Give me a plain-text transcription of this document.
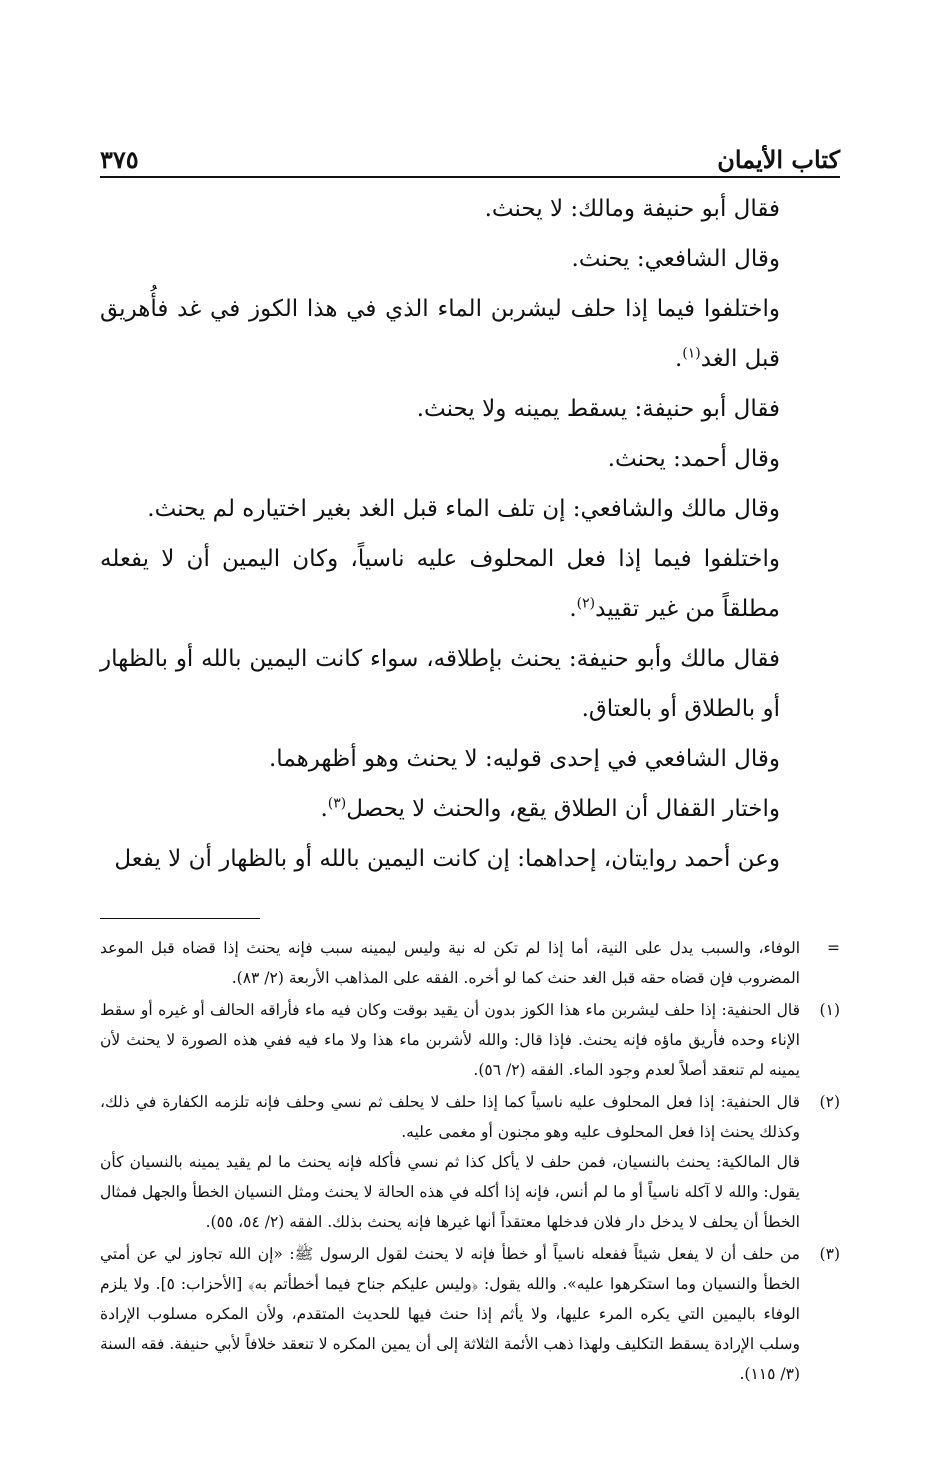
كتاب الأيمان
٣٧٥

فقال أبو حنيفة ومالك: لا يحنث.

وقال الشافعي: يحنث.

واختلفوا فيما إذا حلف ليشربن الماء الذي في هذا الكوز في غد فأُهريق قبل الغد$^{(١)}$.

فقال أبو حنيفة: يسقط يمينه ولا يحنث.

وقال أحمد: يحنث.

وقال مالك والشافعي: إن تلف الماء قبل الغد بغير اختياره لم يحنث.

واختلفوا فيما إذا فعل المحلوف عليه ناسياً، وكان اليمين أن لا يفعله مطلقاً من غير تقييد$^{(٢)}$.

فقال مالك وأبو حنيفة: يحنث بإطلاقه، سواء كانت اليمين بالله أو بالظهار أو بالطلاق أو بالعتاق.

وقال الشافعي في إحدى قوليه: لا يحنث وهو أظهرهما.

واختار القفال أن الطلاق يقع، والحنث لا يحصل$^{(٣)}$.

وعن أحمد روايتان، إحداهما: إن كانت اليمين بالله أو بالظهار أن لا يفعل

=

الوفاء، والسبب يدل على النية، أما إذا لم تكن له نية وليس ليمينه سبب فإنه يحنث إذا قضاه قبل الموعد المضروب فإن قضاه حقه قبل الغد حنث كما لو أخره. الفقه على المذاهب الأربعة (٢/ ٨٣).

(١)

قال الحنفية: إذا حلف ليشربن ماء هذا الكوز بدون أن يقيد بوقت وكان فيه ماء فأراقه الحالف أو غيره أو سقط الإناء وحده فأريق ماؤه فإنه يحنث. فإذا قال: والله لأشربن ماء هذا ولا ماء فيه ففي هذه الصورة لا يحنث لأن يمينه لم تنعقد أصلاً لعدم وجود الماء. الفقه (٢/ ٥٦).

(٢)

قال الحنفية: إذا فعل المحلوف عليه ناسياً كما إذا حلف لا يحلف ثم نسي وحلف فإنه تلزمه الكفارة في ذلك، وكذلك يحنث إذا فعل المحلوف عليه وهو مجنون أو مغمى عليه.

قال المالكية: يحنث بالنسيان، فمن حلف لا يأكل كذا ثم نسي فأكله فإنه يحنث ما لم يقيد يمينه بالنسيان كأن يقول: والله لا آكله ناسياً أو ما لم أنس، فإنه إذا أكله في هذه الحالة لا يحنث ومثل النسيان الخطأ والجهل فمثال الخطأ أن يحلف لا يدخل دار فلان فدخلها معتقداً أنها غيرها فإنه يحنث بذلك. الفقه (٢/ ٥٤، ٥٥).

(٣)

من حلف أن لا يفعل شيئاً ففعله ناسياً أو خطأ فإنه لا يحنث لقول الرسول ﷺ: «إن الله تجاوز لي عن أمتي الخطأ والنسيان وما استكرهوا عليه». والله يقول: ﴿وليس عليكم جناح فيما أخطأتم به﴾ [الأحزاب: ٥]. ولا يلزم الوفاء باليمين التي يكره المرء عليها، ولا يأثم إذا حنث فيها للحديث المتقدم، ولأن المكره مسلوب الإرادة وسلب الإرادة يسقط التكليف ولهذا ذهب الأئمة الثلاثة إلى أن يمين المكره لا تنعقد خلافاً لأبي حنيفة. فقه السنة (٣/ ١١٥).
